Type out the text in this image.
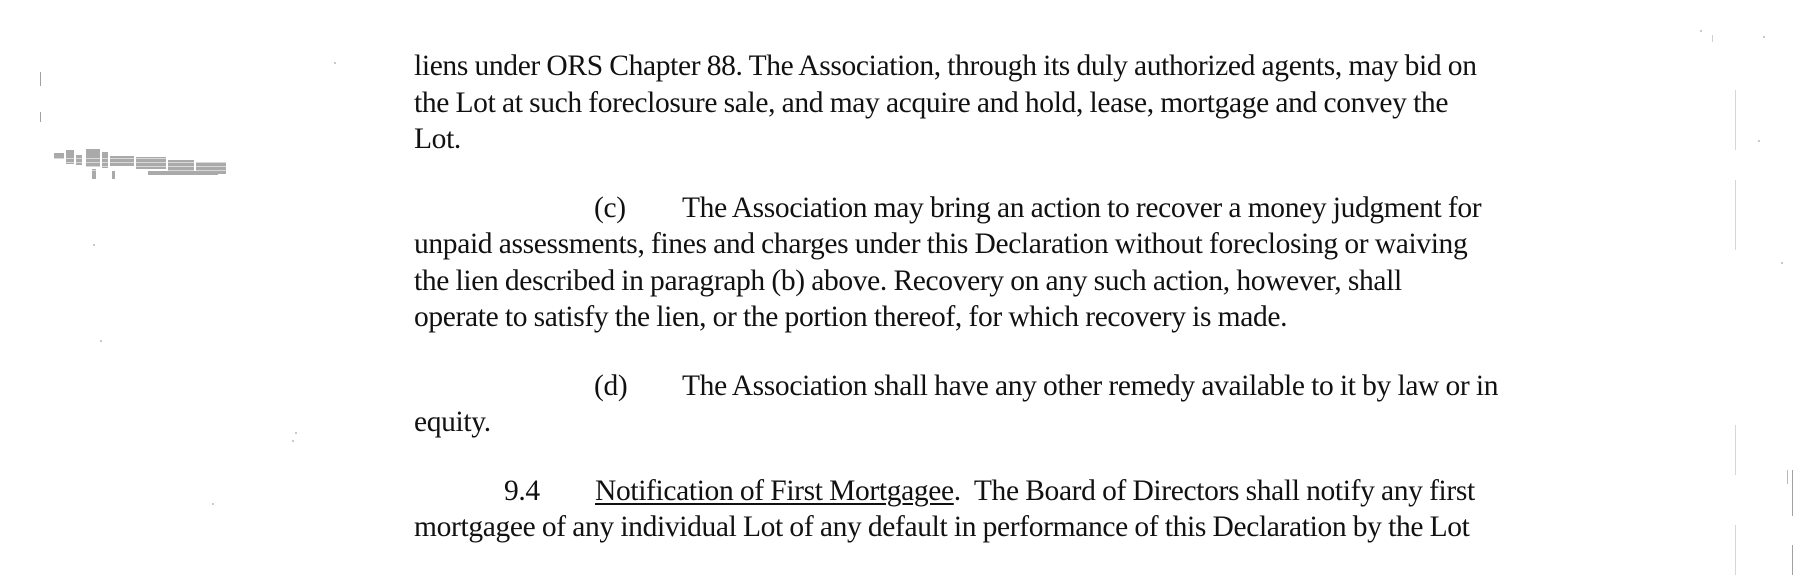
liens under ORS Chapter 88. The Association, through its duly authorized agents, may bid on
the Lot at such foreclosure sale, and may acquire and hold, lease, mortgage and convey the
Lot.
(c) The Association may bring an action to recover a money judgment for
unpaid assessments, fines and charges under this Declaration without foreclosing or waiving
the lien described in paragraph (b) above. Recovery on any such action, however, shall
operate to satisfy the lien, or the portion thereof, for which recovery is made.
(d) The Association shall have any other remedy available to it by law or in
equity.
9.4 Notification of First Mortgagee. The Board of Directors shall notify any first
mortgagee of any individual Lot of any default in performance of this Declaration by the Lot
